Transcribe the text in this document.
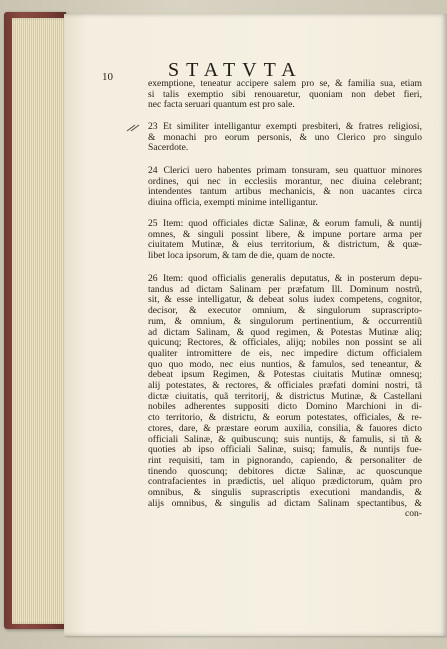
10	STATVTA
exemptione, teneatur accipere salem pro se, & familia sua, etiam
si talis exemptio sibi renouaretur, quoniam non debet fieri,
nec facta seruari quantum est pro sale.
23 Et similiter intelligantur exempti presbiteri, & fratres religiosi,
& monachi pro eorum personis, & uno Clerico pro singulo
Sacerdote.
24 Clerici uero habentes primam tonsuram, seu quattuor minores
ordines, qui nec in ecclesiis morantur, nec diuina celebrant;
intendentes tantum artibus mechanicis, & non uacantes circa
diuina officia, exempti minime intelligantur.
25 Item: quod officiales dictæ Salinæ, & eorum famuli, & nuntij
omnes, & singuli possint libere, & impune portare arma per
ciuitatem Mutinæ, & eius territorium, & districtum, & quæ-
libet loca ipsorum, & tam de die, quam de nocte.
26 Item: quod officialis generalis deputatus, & in posterum depu-
tandus ad dictam Salinam per præfatum Ill. Dominum nostrũ,
sit, & esse intelligatur, & debeat solus iudex competens, cognitor,
decisor, & executor omnium, & singulorum suprascripto-
rum, & omnium, & singulorum pertinentium, & occurrentiũ
ad dictam Salinam, & quod regimen, & Potestas Mutinæ aliq;
quicunq; Rectores, & officiales, alijq; nobiles non possint se ali
qualiter intromittere de eis, nec impedire dictum officialem
quo quo modo, nec eius nuntios, & famulos, sed teneantur, &
debeat ipsum Regimen, & Potestas ciuitatis Mutinæ omnesq;
alij potestates, & rectores, & officiales præfati domini nostri, tã
dictæ ciuitatis, quã territorij, & districtus Mutinæ, & Castellani
nobiles adherentes suppositi dicto Domino Marchioni in di-
cto territorio, & districtu, & eorum potestates, officiales, & re-
ctores, dare, & præstare eorum auxilia, consilia, & fauores dicto
officiali Salinæ, & quibuscunq; suis nuntijs, & famulis, si tñ &
quoties ab ipso officiali Salinæ, suisq; famulis, & nuntijs fue-
rint requisiti, tam in pignorando, capiendo, & personaliter de
tinendo quoscunq; debitores dictæ Salinæ, ac quoscunque
contrafacientes in prædictis, uel aliquo prædictorum, quàm pro
omnibus, & singulis suprascriptis executioni mandandis, &
alijs omnibus, & singulis ad dictam Salinam spectantibus, &
con-
